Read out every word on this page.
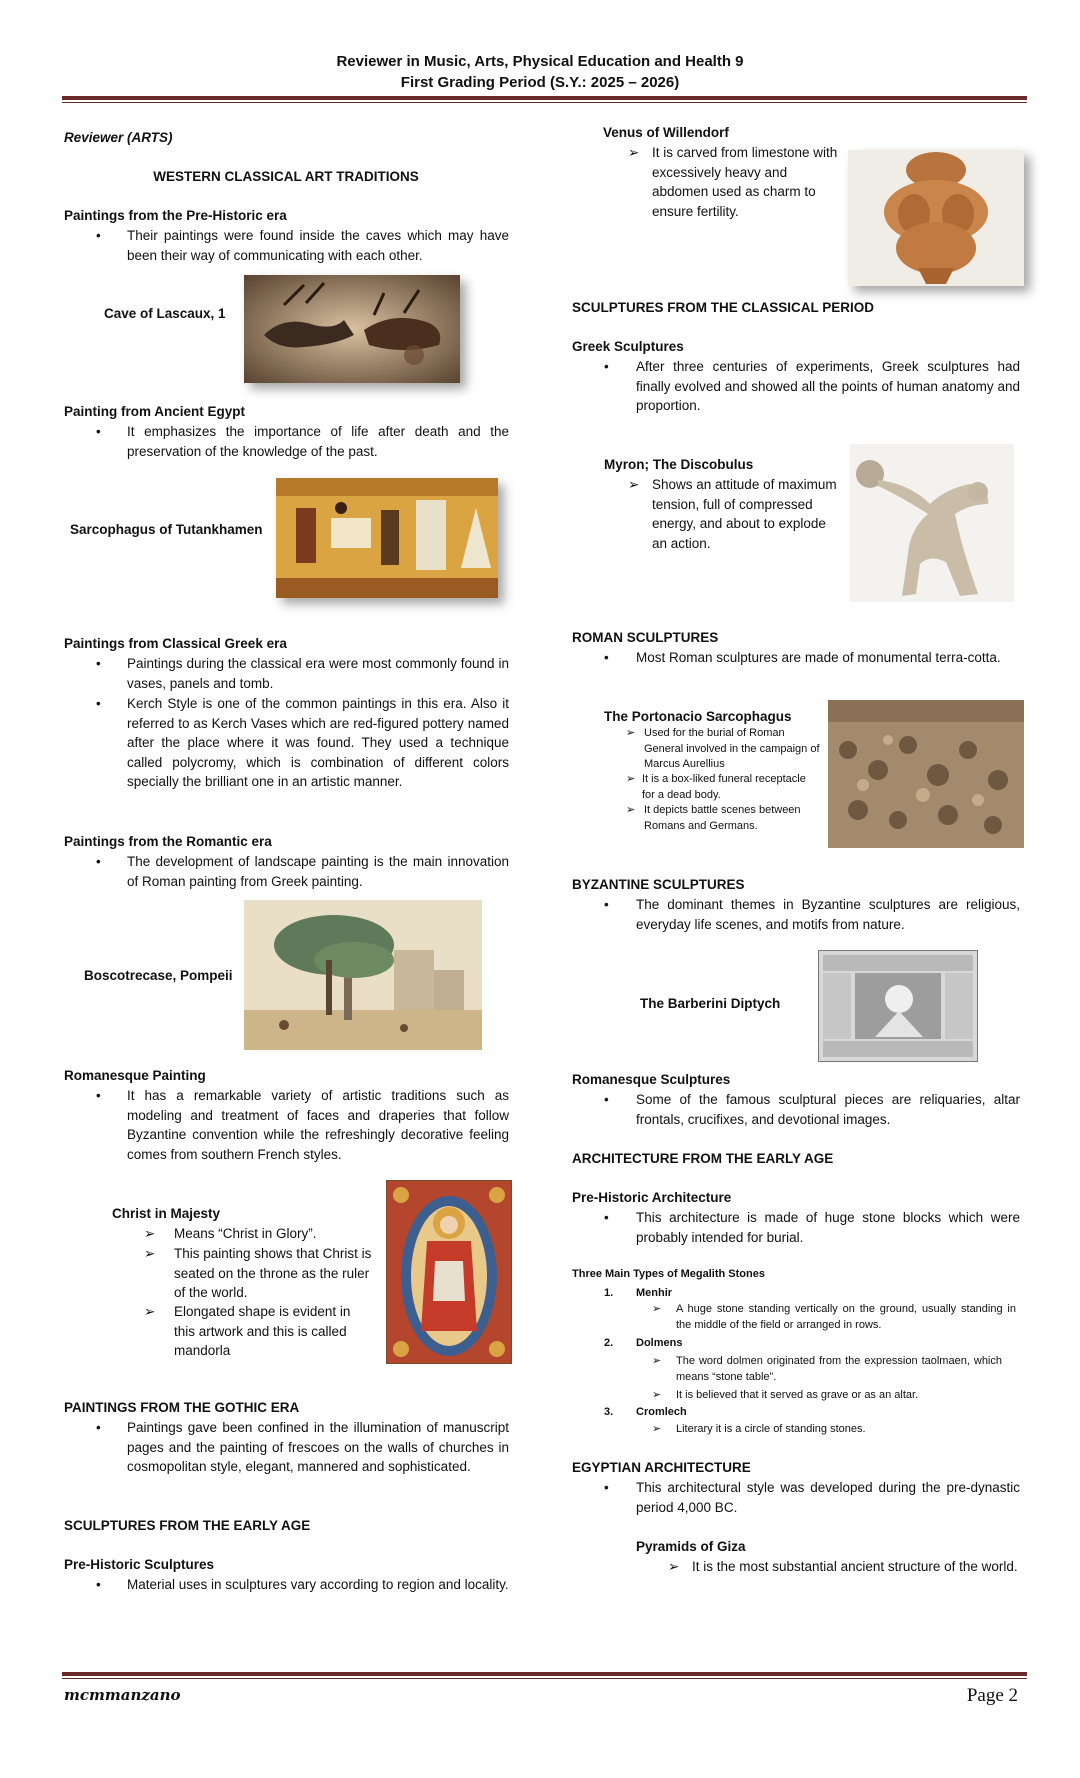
Reviewer in Music, Arts, Physical Education and Health 9
First Grading Period (S.Y.: 2025 – 2026)
Reviewer (ARTS)
WESTERN CLASSICAL ART TRADITIONS
Paintings from the Pre-Historic era
• Their paintings were found inside the caves which may have been their way of communicating with each other.
Cave of Lascaux, 1
Painting from Ancient Egypt
• It emphasizes the importance of life after death and the preservation of the knowledge of the past.
Sarcophagus of Tutankhamen
Paintings from Classical Greek era
• Paintings during the classical era were most commonly found in vases, panels and tomb.
• Kerch Style is one of the common paintings in this era. Also it referred to as Kerch Vases which are red-figured pottery named after the place where it was found. They used a technique called polycromy, which is combination of different colors specially the brilliant one in an artistic manner.
Paintings from the Romantic era
• The development of landscape painting is the main innovation of Roman painting from Greek painting.
Boscotrecase, Pompeii
Romanesque Painting
• It has a remarkable variety of artistic traditions such as modeling and treatment of faces and draperies that follow Byzantine convention while the refreshingly decorative feeling comes from southern French styles.
Christ in Majesty
➢ Means “Christ in Glory”.
➢ This painting shows that Christ is seated on the throne as the ruler of the world.
➢ Elongated shape is evident in this artwork and this is called mandorla
PAINTINGS FROM THE GOTHIC ERA
• Paintings gave been confined in the illumination of manuscript pages and the painting of frescoes on the walls of churches in cosmopolitan style, elegant, mannered and sophisticated.
SCULPTURES FROM THE EARLY AGE
Pre-Historic Sculptures
• Material uses in sculptures vary according to region and locality.
Venus of Willendorf
➢ It is carved from limestone with excessively heavy and abdomen used as charm to ensure fertility.
SCULPTURES FROM THE CLASSICAL PERIOD
Greek Sculptures
• After three centuries of experiments, Greek sculptures had finally evolved and showed all the points of human anatomy and proportion.
Myron; The Discobulus
➢ Shows an attitude of maximum tension, full of compressed energy, and about to explode an action.
ROMAN SCULPTURES
• Most Roman sculptures are made of monumental terra-cotta.
The Portonacio Sarcophagus
➢ Used for the burial of Roman General involved in the campaign of Marcus Aurellius
➢ It is a box-liked funeral receptacle for a dead body.
➢ It depicts battle scenes between Romans and Germans.
BYZANTINE SCULPTURES
• The dominant themes in Byzantine sculptures are religious, everyday life scenes, and motifs from nature.
The Barberini Diptych
Romanesque Sculptures
• Some of the famous sculptural pieces are reliquaries, altar frontals, crucifixes, and devotional images.
ARCHITECTURE FROM THE EARLY AGE
Pre-Historic Architecture
• This architecture is made of huge stone blocks which were probably intended for burial.
Three Main Types of Megalith Stones
1. Menhir
➢ A huge stone standing vertically on the ground, usually standing in the middle of the field or arranged in rows.
2. Dolmens
➢ The word dolmen originated from the expression taolmaen, which means “stone table”.
➢ It is believed that it served as grave or as an altar.
3. Cromlech
➢ Literary it is a circle of standing stones.
EGYPTIAN ARCHITECTURE
• This architectural style was developed during the pre-dynastic period 4,000 BC.
Pyramids of Giza
➢ It is the most substantial ancient structure of the world.
mcmmanzano	Page 2
